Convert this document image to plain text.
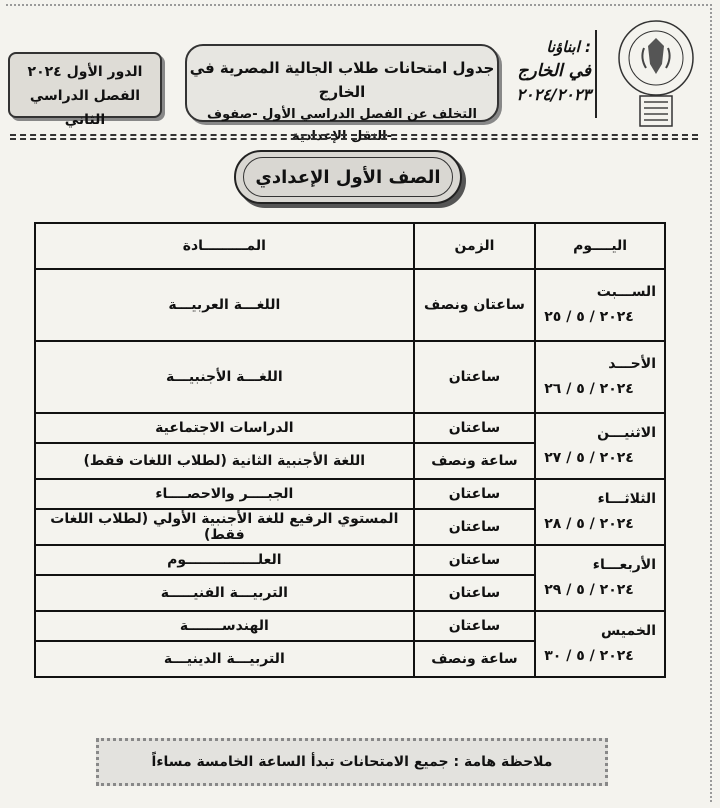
ابناؤنا :
في الخارج
٢٠٢٤/٢٠٢٣
جدول امتحانات طلاب الجالية المصرية في الخارج
التخلف عن الفصل الدراسي الأول -صفوف النقل الإعدادية-
الدور الأول ٢٠٢٤
الفصل الدراسي الثاني
الصف الأول الإعدادي
اليــــوم	الزمن	المـــــــــادة

الســـبت
٢٠٢٤ / ٥ / ٢٥	ساعتان ونصف	اللغـــة العربيـــة

الأحـــد
٢٠٢٤ / ٥ / ٢٦	ساعتان	اللغـــة الأجنبيـــة

الاثنيـــن
٢٠٢٤ / ٥ / ٢٧	ساعتان	الدراسات الاجتماعية
	ساعة ونصف	اللغة الأجنبية الثانية (لطلاب اللغات فقط)

الثلاثـــاء
٢٠٢٤ / ٥ / ٢٨	ساعتان	الجبــــر والاحصــــاء
	ساعتان	المستوي الرفيع للغة الأجنبية الأولي (لطلاب اللغات فقط)

الأربعـــاء
٢٠٢٤ / ٥ / ٢٩	ساعتان	العلـــــــــــــــوم
	ساعتان	التربيـــة الفنيـــــة

الخميس
٢٠٢٤ / ٥ / ٣٠	ساعتان	الهندســـــــة
	ساعة ونصف	التربيـــة الدينيـــة
ملاحظة هامة : جميع الامتحانات تبدأ الساعة الخامسة مساءاً
